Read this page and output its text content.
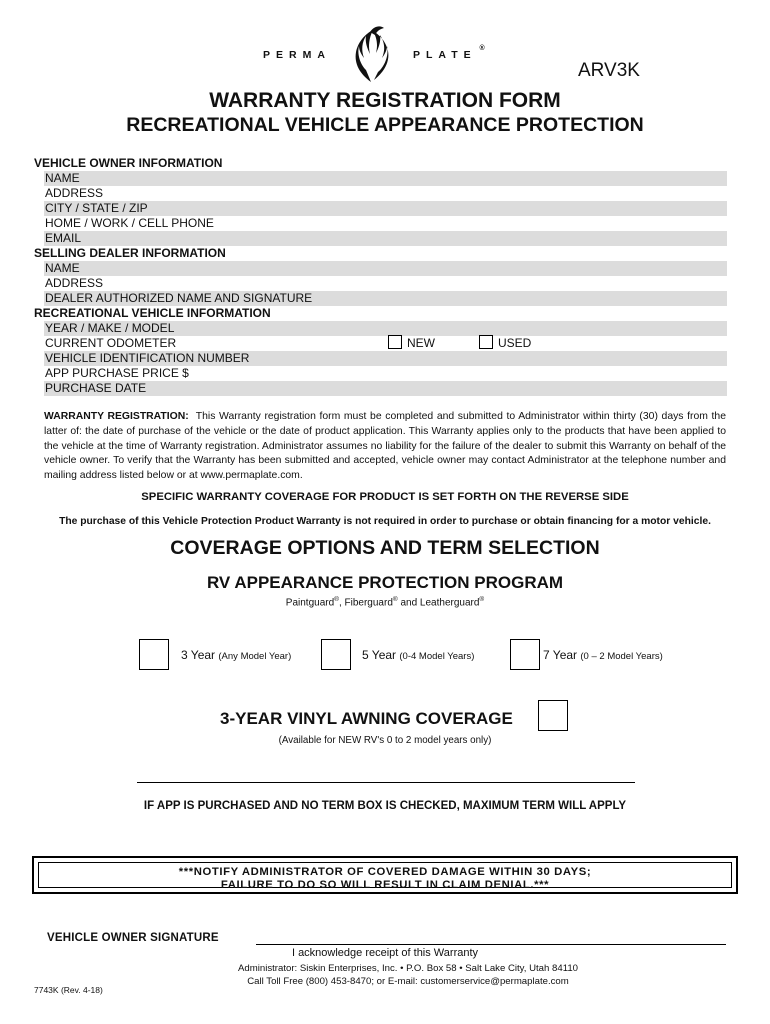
PERMA	PLATE
®
ARV3K
WARRANTY REGISTRATION FORM
RECREATIONAL VEHICLE APPEARANCE PROTECTION
VEHICLE OWNER INFORMATION
NAME
ADDRESS
CITY / STATE / ZIP
HOME / WORK / CELL PHONE
EMAIL
SELLING DEALER INFORMATION
NAME
ADDRESS
DEALER AUTHORIZED NAME AND SIGNATURE
RECREATIONAL VEHICLE INFORMATION
YEAR / MAKE / MODEL
CURRENT ODOMETER	NEW	USED
VEHICLE IDENTIFICATION NUMBER
APP PURCHASE PRICE $
PURCHASE DATE
WARRANTY REGISTRATION: This Warranty registration form must be completed and submitted to Administrator within thirty (30) days from the latter of: the date of purchase of the vehicle or the date of product application. This Warranty applies only to the products that have been applied to the vehicle at the time of Warranty registration. Administrator assumes no liability for the failure of the dealer to submit this Warranty on behalf of the vehicle owner. To verify that the Warranty has been submitted and accepted, vehicle owner may contact Administrator at the telephone number and mailing address listed below or at www.permaplate.com.
SPECIFIC WARRANTY COVERAGE FOR PRODUCT IS SET FORTH ON THE REVERSE SIDE
The purchase of this Vehicle Protection Product Warranty is not required in order to purchase or obtain financing for a motor vehicle.
COVERAGE OPTIONS AND TERM SELECTION
RV APPEARANCE PROTECTION PROGRAM
Paintguard®, Fiberguard® and Leatherguard®
3 Year (Any Model Year)	5 Year (0-4 Model Years)	7 Year (0 – 2 Model Years)
3-YEAR VINYL AWNING COVERAGE
(Available for NEW RV's 0 to 2 model years only)
IF APP IS PURCHASED AND NO TERM BOX IS CHECKED, MAXIMUM TERM WILL APPLY
***NOTIFY ADMINISTRATOR OF COVERED DAMAGE WITHIN 30 DAYS;
FAILURE TO DO SO WILL RESULT IN CLAIM DENIAL.***
VEHICLE OWNER SIGNATURE
I acknowledge receipt of this Warranty
Administrator: Siskin Enterprises, Inc. • P.O. Box 58 • Salt Lake City, Utah 84110
Call Toll Free (800) 453-8470; or E-mail: customerservice@permaplate.com
7743K (Rev. 4-18)
